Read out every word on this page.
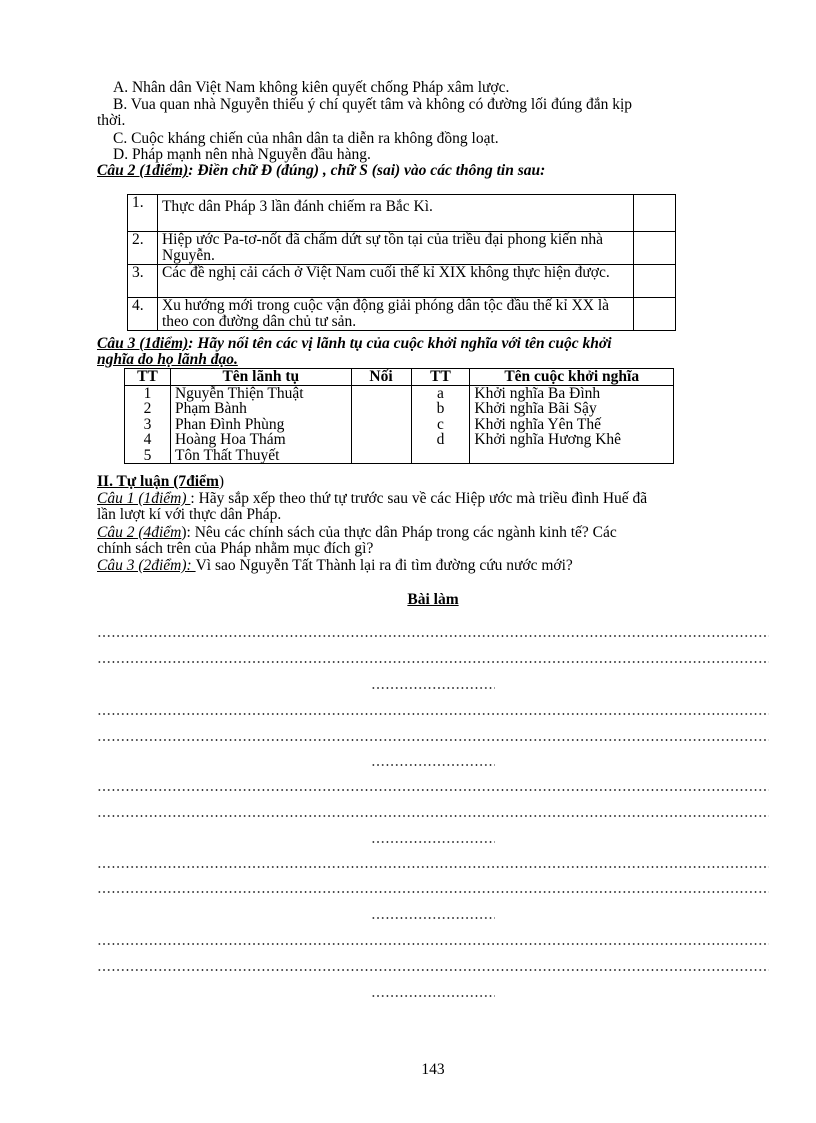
A. Nhân dân Việt Nam không kiên quyết chống Pháp xâm lược.
B. Vua quan nhà Nguyễn thiếu ý chí quyết tâm và không có đường lối đúng đắn kịp
thời.
C. Cuộc kháng chiến của nhân dân ta diễn ra không đồng loạt.
D. Pháp mạnh nên nhà Nguyễn đầu hàng.
Câu 2 (1điểm): Điền chữ Đ (đúng) , chữ S (sai) vào các thông tin sau:
1.	Thực dân Pháp 3 lần đánh chiếm ra Bắc Kì.	
2.	Hiệp ước Pa-tơ-nốt đã chấm dứt sự tồn tại của triều đại phong kiến nhà Nguyễn.	
3.	Các đề nghị cải cách ở Việt Nam cuối thế kỉ XIX không thực hiện được.	
4.	Xu hướng mới trong cuộc vận động giải phóng dân tộc đầu thế kỉ XX là theo con đường dân chủ tư sản.	
Câu 3 (1điểm): Hãy nối tên các vị lãnh tụ của cuộc khởi nghĩa với tên cuộc khởi
nghĩa do họ lãnh đạo.
TT	Tên lãnh tụ	Nối	TT	Tên cuộc khởi nghĩa
1	Nguyễn Thiện Thuật		a	Khởi nghĩa Ba Đình
2	Phạm Bành		b	Khởi nghĩa Bãi Sậy
3	Phan Đình Phùng		c	Khởi nghĩa Yên Thế
4	Hoàng Hoa Thám		d	Khởi nghĩa Hương Khê
5	Tôn Thất Thuyết			
II. Tự luận (7điểm)
Câu 1 (1điểm) : Hãy sắp xếp theo thứ tự trước sau về các Hiệp ước mà triều đình Huế đã
lần lượt kí với thực dân Pháp.
Câu 2 (4điểm): Nêu các chính sách của thực dân Pháp trong các ngành kinh tế? Các
chính sách trên của Pháp nhằm mục đích gì?
Câu 3 (2điểm): Vì sao Nguyễn Tất Thành lại ra đi tìm đường cứu nước mới?
Bài làm
143
